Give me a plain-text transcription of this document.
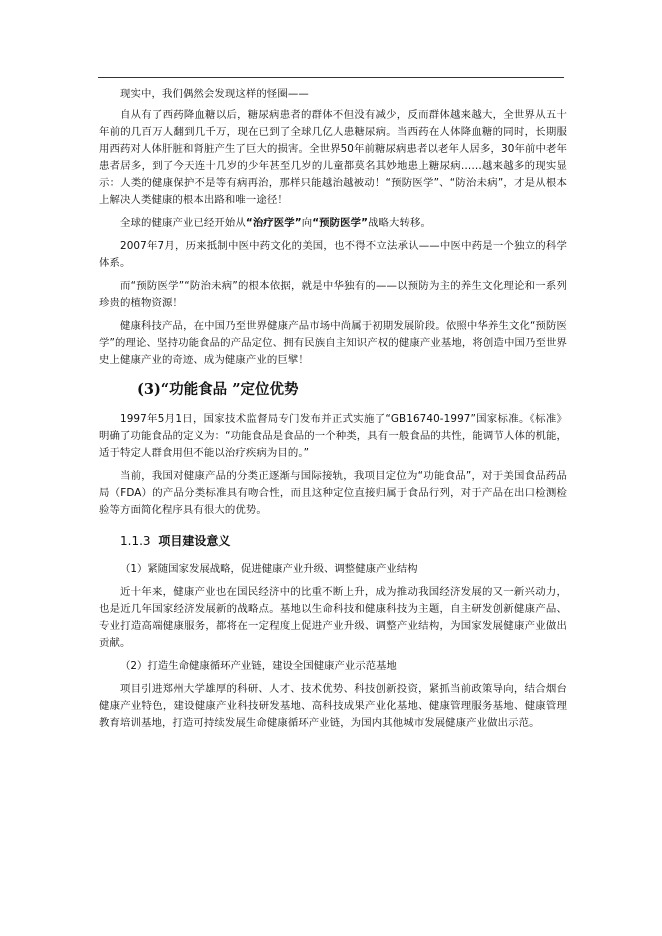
现实中，我们偶然会发现这样的怪圈——

自从有了西药降血糖以后，糖尿病患者的群体不但没有减少，反而群体越来越大，全世界从五十年前的几百万人翻到几千万，现在已到了全球几亿人患糖尿病。当西药在人体降血糖的同时，长期服用西药对人体肝脏和肾脏产生了巨大的损害。全世界50年前糖尿病患者以老年人居多，30年前中老年患者居多，到了今天连十几岁的少年甚至几岁的儿童都莫名其妙地患上糖尿病……越来越多的现实显示：人类的健康保护不是等有病再治，那样只能越治越被动！“预防医学”、“防治未病”，才是从根本上解决人类健康的根本出路和唯一途径！

全球的健康产业已经开始从“治疗医学”向“预防医学”战略大转移。

2007年7月，历来抵制中医中药文化的美国，也不得不立法承认——中医中药是一个独立的科学体系。

而“预防医学”“防治未病”的根本依据，就是中华独有的——以预防为主的养生文化理论和一系列珍贵的植物资源！

健康科技产品，在中国乃至世界健康产品市场中尚属于初期发展阶段。依照中华养生文化“预防医学”的理论、坚持功能食品的产品定位、拥有民族自主知识产权的健康产业基地，将创造中国乃至世界史上健康产业的奇迹、成为健康产业的巨擘！

(3)“功能食品 ”定位优势

1997年5月1日，国家技术监督局专门发布并正式实施了“GB16740-1997”国家标准。《标准》明确了功能食品的定义为：“功能食品是食品的一个种类，具有一般食品的共性，能调节人体的机能，适于特定人群食用但不能以治疗疾病为目的。”

当前，我国对健康产品的分类正逐渐与国际接轨，我项目定位为“功能食品”，对于美国食品药品局（FDA）的产品分类标准具有吻合性，而且这种定位直接归属于食品行列，对于产品在出口检测检验等方面简化程序具有很大的优势。

1.1.3 项目建设意义

（1）紧随国家发展战略，促进健康产业升级、调整健康产业结构

近十年来，健康产业也在国民经济中的比重不断上升，成为推动我国经济发展的又一新兴动力，也是近几年国家经济发展新的战略点。基地以生命科技和健康科技为主题，自主研发创新健康产品、专业打造高端健康服务，都将在一定程度上促进产业升级、调整产业结构，为国家发展健康产业做出贡献。

（2）打造生命健康循环产业链，建设全国健康产业示范基地

项目引进郑州大学雄厚的科研、人才、技术优势、科技创新投资，紧抓当前政策导向，结合烟台健康产业特色，建设健康产业科技研发基地、高科技成果产业化基地、健康管理服务基地、健康管理教育培训基地，打造可持续发展生命健康循环产业链，为国内其他城市发展健康产业做出示范。
